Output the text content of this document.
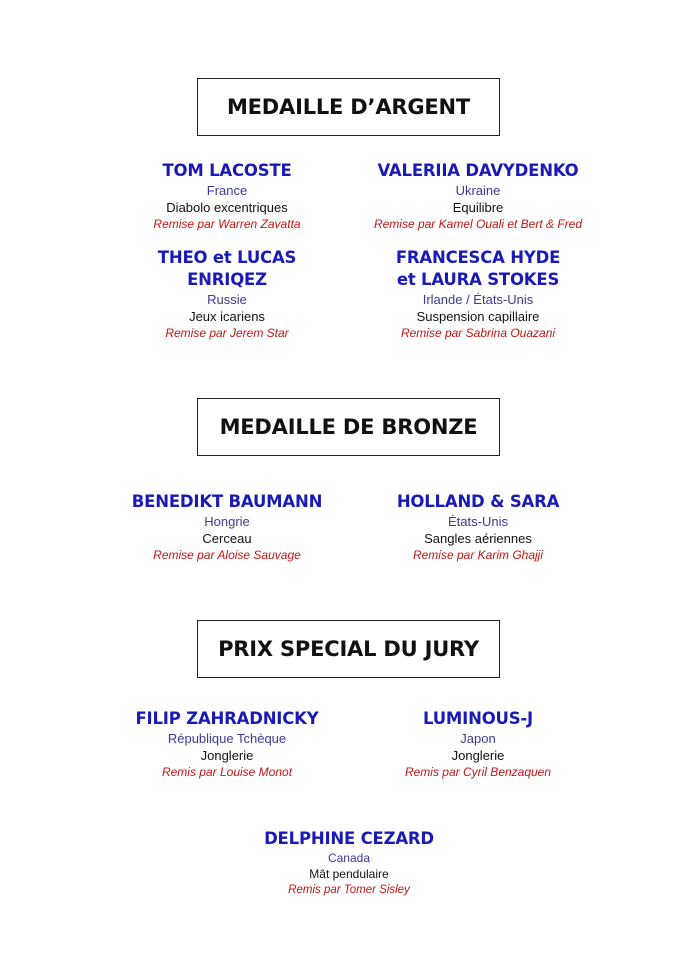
MEDAILLE D’ARGENT
TOM LACOSTE
France
Diabolo excentriques
Remise par Warren Zavatta
VALERIIA DAVYDENKO
Ukraine
Equilibre
Remise par Kamel Ouali et Bert & Fred
THEO et LUCAS
ENRIQEZ
Russie
Jeux icariens
Remise par Jerem Star
FRANCESCA HYDE
et LAURA STOKES
Irlande / États-Unis
Suspension capillaire
Remise par Sabrina Ouazani
MEDAILLE DE BRONZE
BENEDIKT BAUMANN
Hongrie
Cerceau
Remise par Aloise Sauvage
HOLLAND & SARA
États-Unis
Sangles aériennes
Remise par Karim Ghajji
PRIX SPECIAL DU JURY
FILIP ZAHRADNICKY
République Tchèque
Jonglerie
Remis par Louise Monot
LUMINOUS-J
Japon
Jonglerie
Remis par Cyril Benzaquen
DELPHINE CEZARD
Canada
Mât pendulaire
Remis par Tomer Sisley
